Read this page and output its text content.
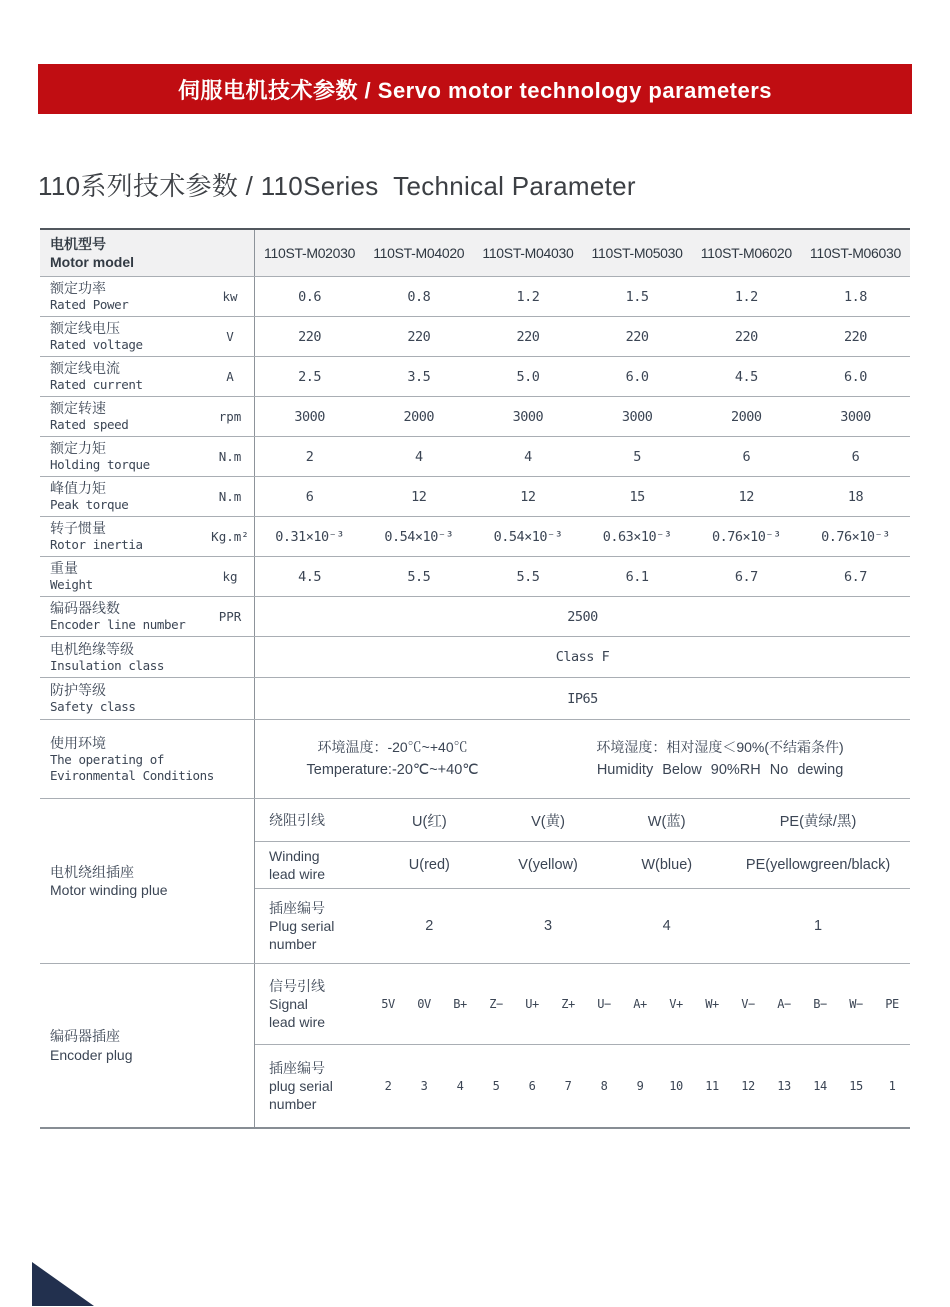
伺服电机技术参数 / Servo motor technology parameters
110系列技术参数 / 110Series  Technical Parameter
电机型号
Motor model
110ST-M02030	110ST-M04020	110ST-M04030	110ST-M05030	110ST-M06020	110ST-M06030
额定功率
Rated Power
kw	0.6	0.8	1.2	1.5	1.2	1.8
额定线电压
Rated voltage
V	220	220	220	220	220	220
额定线电流
Rated current
A	2.5	3.5	5.0	6.0	4.5	6.0
额定转速
Rated speed
rpm	3000	2000	3000	3000	2000	3000
额定力矩
Holding torque
N.m	2	4	4	5	6	6
峰值力矩
Peak torque
N.m	6	12	12	15	12	18
转子惯量
Rotor inertia
Kg.m²	0.31×10⁻³	0.54×10⁻³	0.54×10⁻³	0.63×10⁻³	0.76×10⁻³	0.76×10⁻³
重量
Weight
kg	4.5	5.5	5.5	6.1	6.7	6.7
编码器线数
Encoder line number
PPR	2500
电机绝缘等级
Insulation class
Class F
防护等级
Safety class
IP65
使用环境
The operating of
Evironmental Conditions
环境温度：-20℃~+40℃
Temperature:-20℃~+40℃
环境湿度：相对湿度＜90%(不结霜条件)
Humidity Below 90%RH No dewing
电机绕组插座
Motor winding plue
绕阻引线	U(红)	V(黄)	W(蓝)	PE(黄绿/黑)
Winding
lead wire
U(red)	V(yellow)	W(blue)	PE(yellowgreen/black)
插座编号
Plug serial
number
2	3	4	1
编码器插座
Encoder plug
信号引线
Signal
lead wire
5V	0V	B+	Z−	U+	Z+	U−	A+	V+	W+	V−	A−	B−	W−	PE
插座编号
plug serial
number
2	3	4	5	6	7	8	9	10	11	12	13	14	15	1
